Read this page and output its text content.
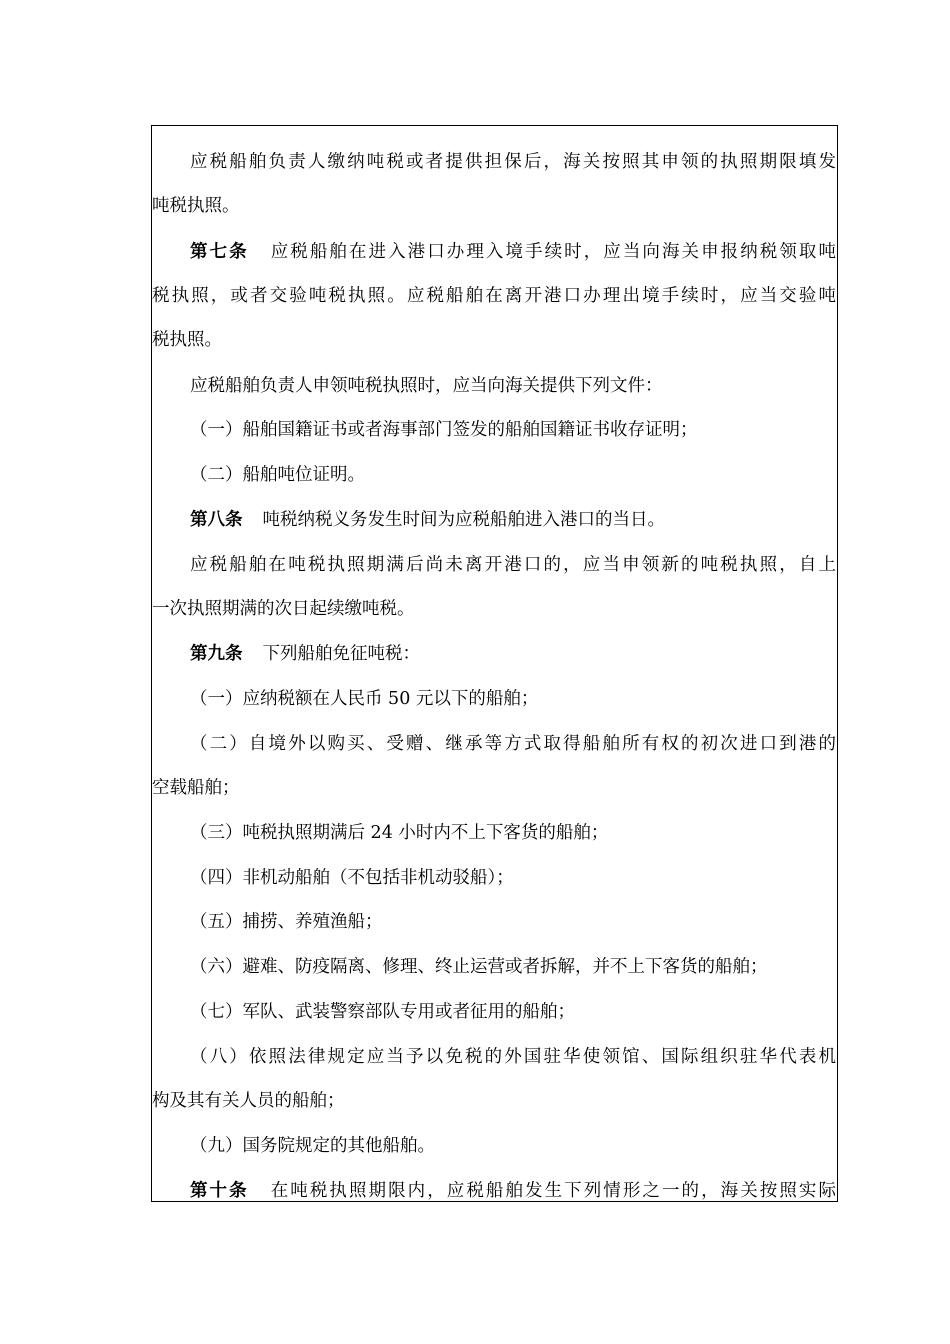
应税船舶负责人缴纳吨税或者提供担保后，海关按照其申领的执照期限填发
吨税执照。
第七条 应税船舶在进入港口办理入境手续时，应当向海关申报纳税领取吨
税执照，或者交验吨税执照。应税船舶在离开港口办理出境手续时，应当交验吨
税执照。
应税船舶负责人申领吨税执照时，应当向海关提供下列文件：
（一）船舶国籍证书或者海事部门签发的船舶国籍证书收存证明；
（二）船舶吨位证明。
第八条 吨税纳税义务发生时间为应税船舶进入港口的当日。
应税船舶在吨税执照期满后尚未离开港口的，应当申领新的吨税执照，自上
一次执照期满的次日起续缴吨税。
第九条 下列船舶免征吨税：
（一）应纳税额在人民币 50 元以下的船舶；
（二）自境外以购买、受赠、继承等方式取得船舶所有权的初次进口到港的
空载船舶；
（三）吨税执照期满后 24 小时内不上下客货的船舶；
（四）非机动船舶（不包括非机动驳船）；
（五）捕捞、养殖渔船；
（六）避难、防疫隔离、修理、终止运营或者拆解，并不上下客货的船舶；
（七）军队、武装警察部队专用或者征用的船舶；
（八）依照法律规定应当予以免税的外国驻华使领馆、国际组织驻华代表机
构及其有关人员的船舶；
（九）国务院规定的其他船舶。
第十条 在吨税执照期限内，应税船舶发生下列情形之一的，海关按照实际
